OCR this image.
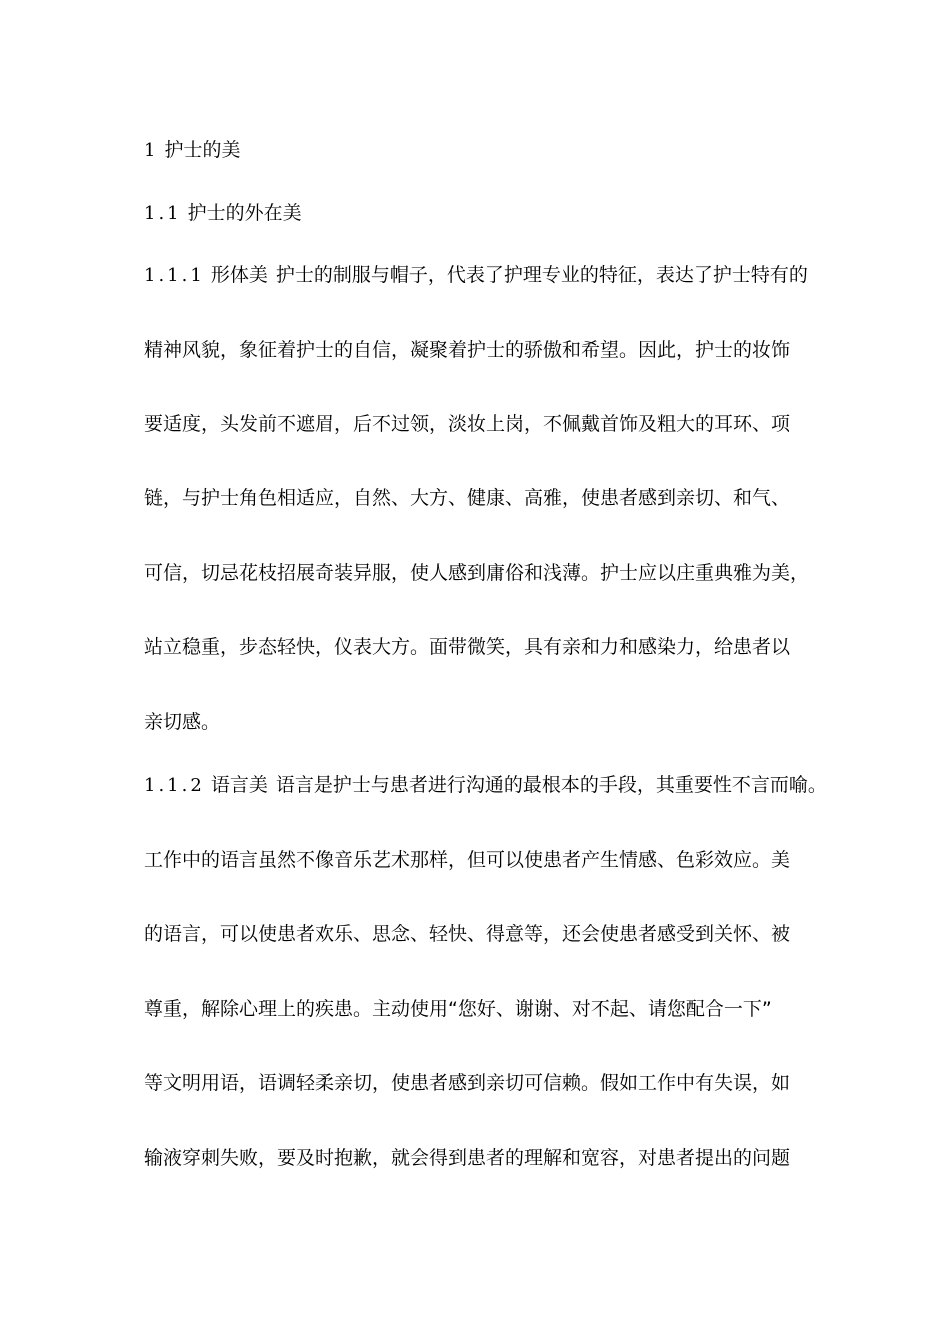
1 护士的美
1.1 护士的外在美
1.1.1 形体美 护士的制服与帽子，代表了护理专业的特征，表达了护士特有的
精神风貌，象征着护士的自信，凝聚着护士的骄傲和希望。因此，护士的妆饰
要适度，头发前不遮眉，后不过领，淡妆上岗，不佩戴首饰及粗大的耳环、项
链，与护士角色相适应，自然、大方、健康、高雅，使患者感到亲切、和气、
可信，切忌花枝招展奇装异服，使人感到庸俗和浅薄。护士应以庄重典雅为美，
站立稳重，步态轻快，仪表大方。面带微笑，具有亲和力和感染力，给患者以
亲切感。
1.1.2 语言美 语言是护士与患者进行沟通的最根本的手段，其重要性不言而喻。
工作中的语言虽然不像音乐艺术那样，但可以使患者产生情感、色彩效应。美
的语言，可以使患者欢乐、思念、轻快、得意等，还会使患者感受到关怀、被
尊重，解除心理上的疾患。主动使用“您好、谢谢、对不起、请您配合一下”
等文明用语，语调轻柔亲切，使患者感到亲切可信赖。假如工作中有失误，如
输液穿刺失败，要及时抱歉，就会得到患者的理解和宽容，对患者提出的问题
